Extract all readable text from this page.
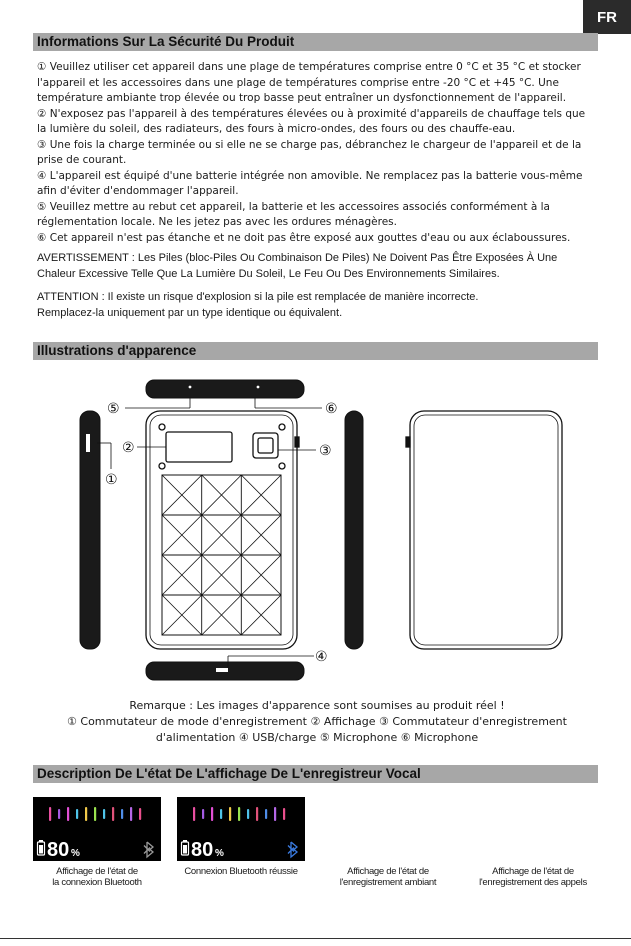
FR
Informations Sur La Sécurité Du Produit

① Veuillez utiliser cet appareil dans une plage de températures comprise entre 0 °C et 35 °C et stocker l'appareil et les accessoires dans une plage de températures comprise entre -20 °C et +45 °C. Une température ambiante trop élevée ou trop basse peut entraîner un dysfonctionnement de l'appareil.

② N'exposez pas l'appareil à des températures élevées ou à proximité d'appareils de chauffage tels que la lumière du soleil, des radiateurs, des fours à micro-ondes, des fours ou des chauffe-eau.

③ Une fois la charge terminée ou si elle ne se charge pas, débranchez le chargeur de l'appareil et de la prise de courant.

④ L'appareil est équipé d'une batterie intégrée non amovible. Ne remplacez pas la batterie vous-même afin d'éviter d'endommager l'appareil.

⑤ Veuillez mettre au rebut cet appareil, la batterie et les accessoires associés conformément à la réglementation locale. Ne les jetez pas avec les ordures ménagères.

⑥ Cet appareil n'est pas étanche et ne doit pas être exposé aux gouttes d'eau ou aux éclaboussures.

AVERTISSEMENT : Les Piles (bloc-Piles Ou Combinaison De Piles) Ne Doivent Pas Être Exposées À Une Chaleur Excessive Telle Que La Lumière Du Soleil, Le Feu Ou Des Environnements Similaires.

ATTENTION : Il existe un risque d'explosion si la pile est remplacée de manière incorrecte.

Remplacez-la uniquement par un type identique ou équivalent.

Illustrations d'apparence
⑤	⑥
②	③
①
④

Remarque : Les images d'apparence sont soumises au produit réel !

① Commutateur de mode d'enregistrement ② Affichage ③ Commutateur d'enregistrement

d'alimentation ④ USB/charge ⑤ Microphone ⑥ Microphone

Description De L'état De L'affichage De L'enregistreur Vocal
80 %	80 %
Affichage de l'état de
la connexion Bluetooth
Connexion Bluetooth réussie	Affichage de l'état de
l'enregistrement ambiant
Affichage de l'état de
l'enregistrement des appels
